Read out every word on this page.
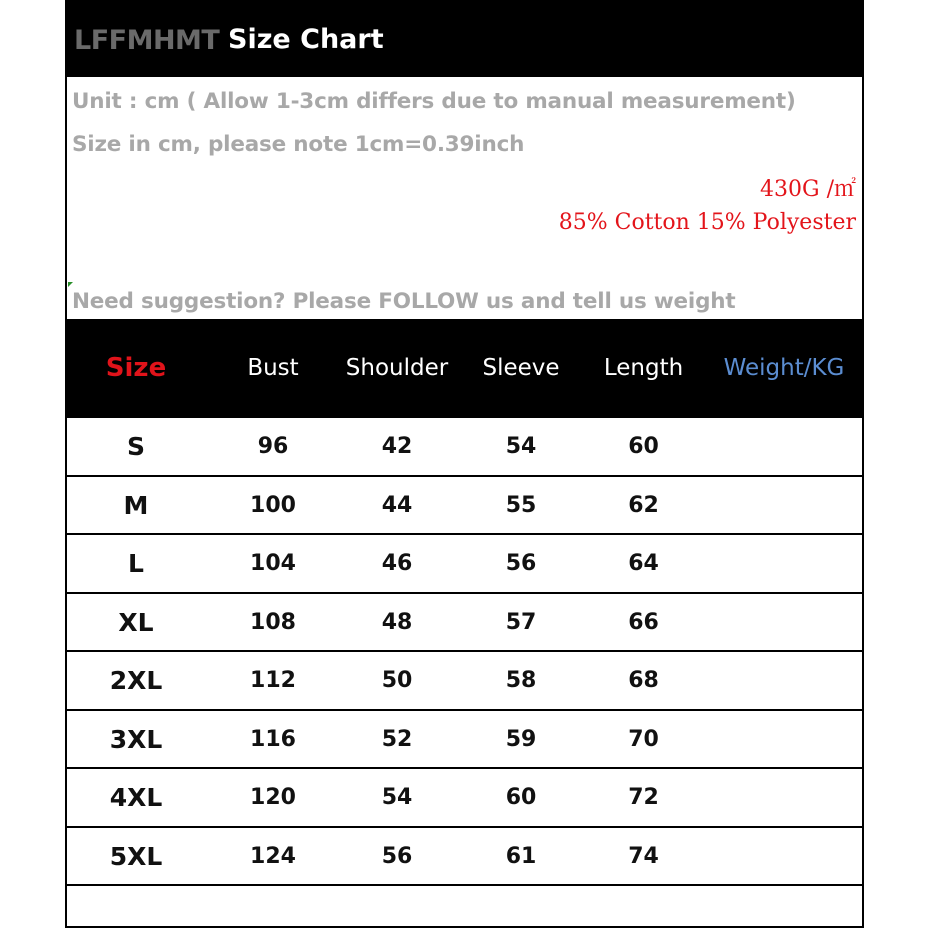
LFFMHMT Size Chart
Unit : cm ( Allow 1-3cm differs due to manual measurement)
Size in cm, please note 1cm=0.39inch
430G /㎡
85% Cotton 15% Polyester
Need suggestion? Please FOLLOW us and tell us weight
Size	Bust	Shoulder	Sleeve	Length	Weight/KG
S	96	42	54	60
M	100	44	55	62
L	104	46	56	64
XL	108	48	57	66
2XL	112	50	58	68
3XL	116	52	59	70
4XL	120	54	60	72
5XL	124	56	61	74
